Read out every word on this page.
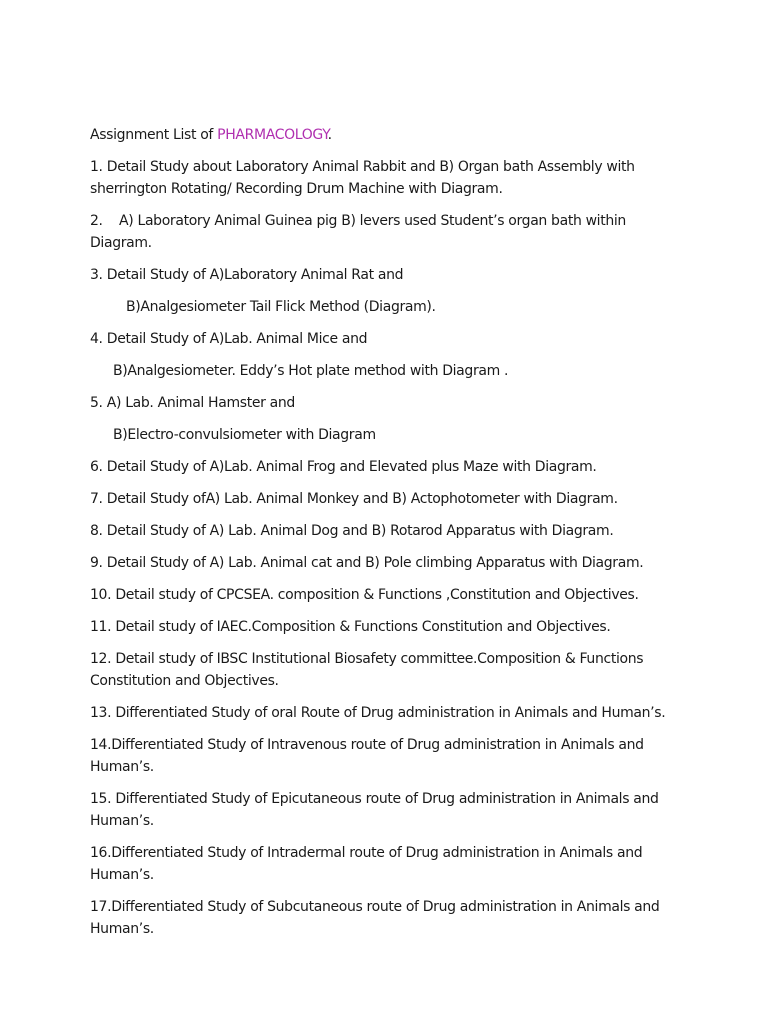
Assignment List of PHARMACOLOGY.

1. Detail Study about Laboratory Animal Rabbit and B) Organ bath Assembly with sherrington Rotating/ Recording Drum Machine with Diagram.

2.    A) Laboratory Animal Guinea pig B) levers used Student’s organ bath within Diagram.

3. Detail Study of A)Laboratory Animal Rat and

B)Analgesiometer Tail Flick Method (Diagram).

4. Detail Study of A)Lab. Animal Mice and

B)Analgesiometer. Eddy’s Hot plate method with Diagram .

5. A) Lab. Animal Hamster and

B)Electro-convulsiometer with Diagram

6. Detail Study of A)Lab. Animal Frog and Elevated plus Maze with Diagram.

7. Detail Study ofA) Lab. Animal Monkey and B) Actophotometer with Diagram.

8. Detail Study of A) Lab. Animal Dog and B) Rotarod Apparatus with Diagram.

9. Detail Study of A) Lab. Animal cat and B) Pole climbing Apparatus with Diagram.

10. Detail study of CPCSEA. composition & Functions ,Constitution and Objectives.

11. Detail study of IAEC.Composition & Functions Constitution and Objectives.

12. Detail study of IBSC Institutional Biosafety committee.Composition & Functions Constitution and Objectives.

13. Differentiated Study of oral Route of Drug administration in Animals and Human’s.

14.Differentiated Study of Intravenous route of Drug administration in Animals and Human’s.

15. Differentiated Study of Epicutaneous route of Drug administration in Animals and Human’s.

16.Differentiated Study of Intradermal route of Drug administration in Animals and Human’s.

17.Differentiated Study of Subcutaneous route of Drug administration in Animals and Human’s.
